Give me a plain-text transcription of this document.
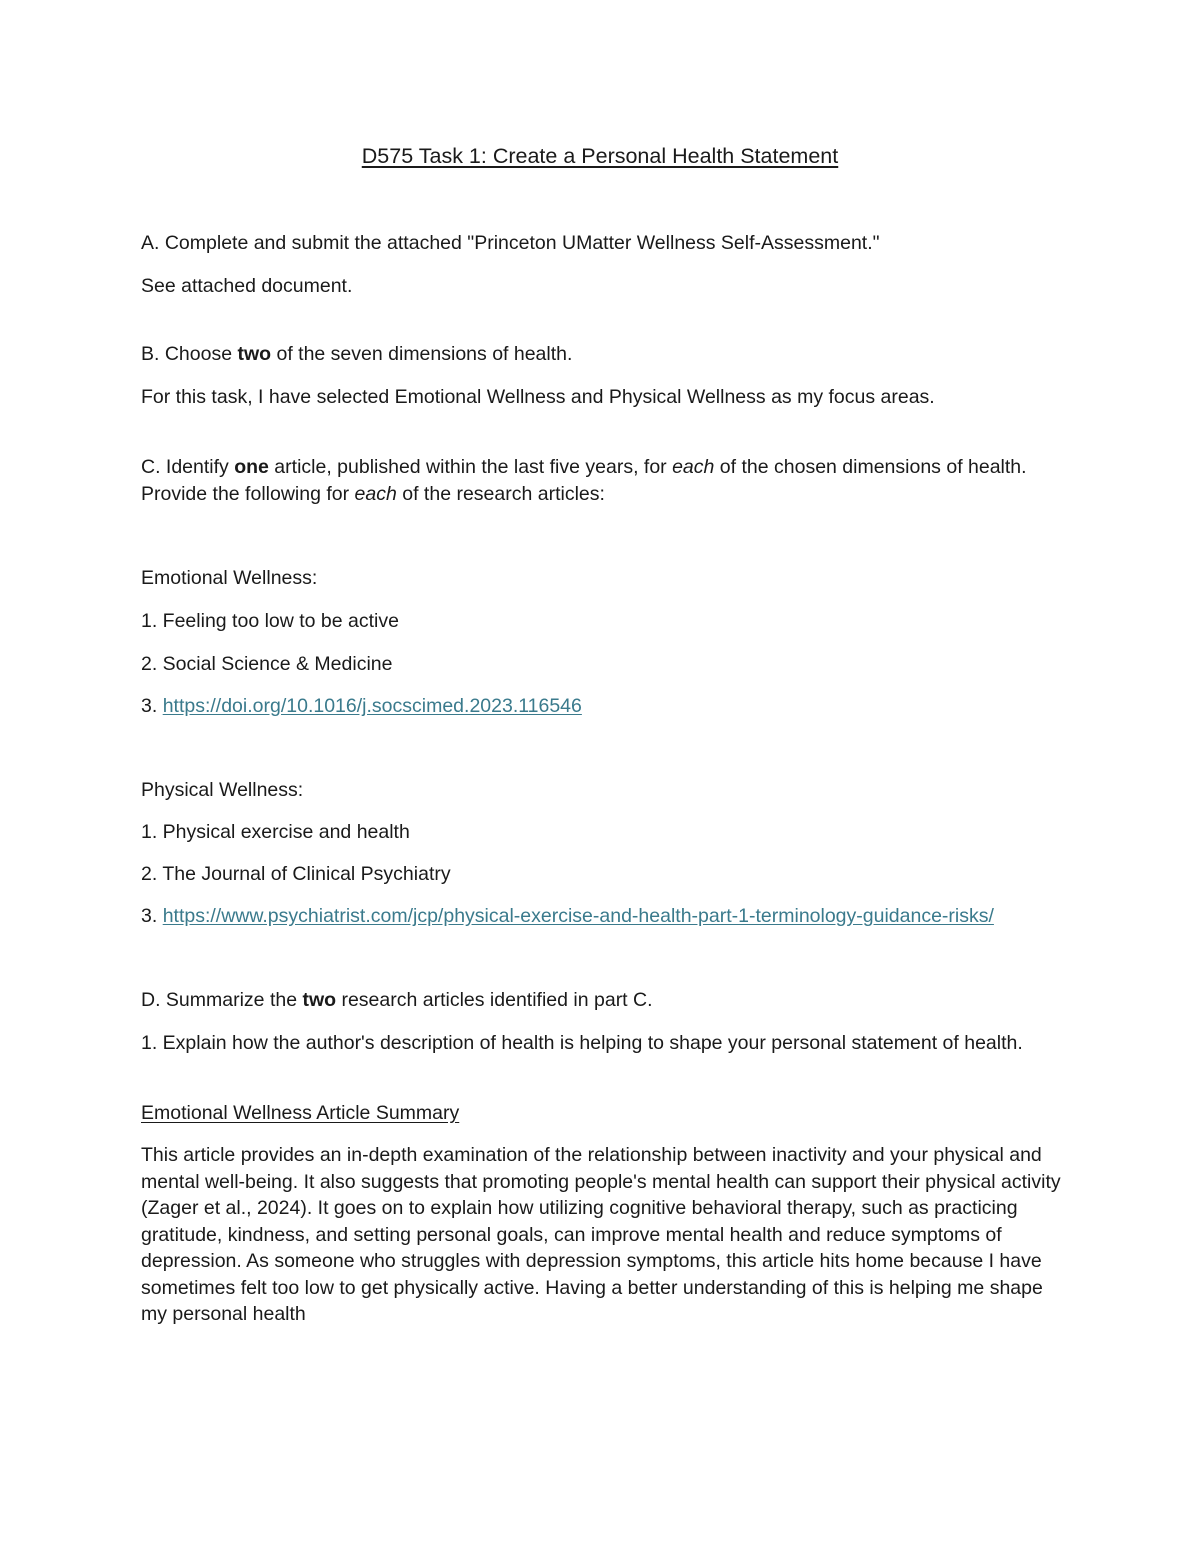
D575 Task 1: Create a Personal Health Statement

A. Complete and submit the attached "Princeton UMatter Wellness Self-Assessment."

See attached document.

B. Choose two of the seven dimensions of health.

For this task, I have selected Emotional Wellness and Physical Wellness as my focus areas.

C. Identify one article, published within the last five years, for each of the chosen dimensions of health. Provide the following for each of the research articles:

Emotional Wellness:

1. Feeling too low to be active

2. Social Science & Medicine

3. https://doi.org/10.1016/j.socscimed.2023.116546

Physical Wellness:

1. Physical exercise and health

2. The Journal of Clinical Psychiatry

3. https://www.psychiatrist.com/jcp/physical-exercise-and-health-part-1-terminology-guidance-risks/

D. Summarize the two research articles identified in part C.

1. Explain how the author's description of health is helping to shape your personal statement of health.

Emotional Wellness Article Summary

This article provides an in-depth examination of the relationship between inactivity and your physical and mental well-being. It also suggests that promoting people's mental health can support their physical activity (Zager et al., 2024). It goes on to explain how utilizing cognitive behavioral therapy, such as practicing gratitude, kindness, and setting personal goals, can improve mental health and reduce symptoms of depression. As someone who struggles with depression symptoms, this article hits home because I have sometimes felt too low to get physically active. Having a better understanding of this is helping me shape my personal health
